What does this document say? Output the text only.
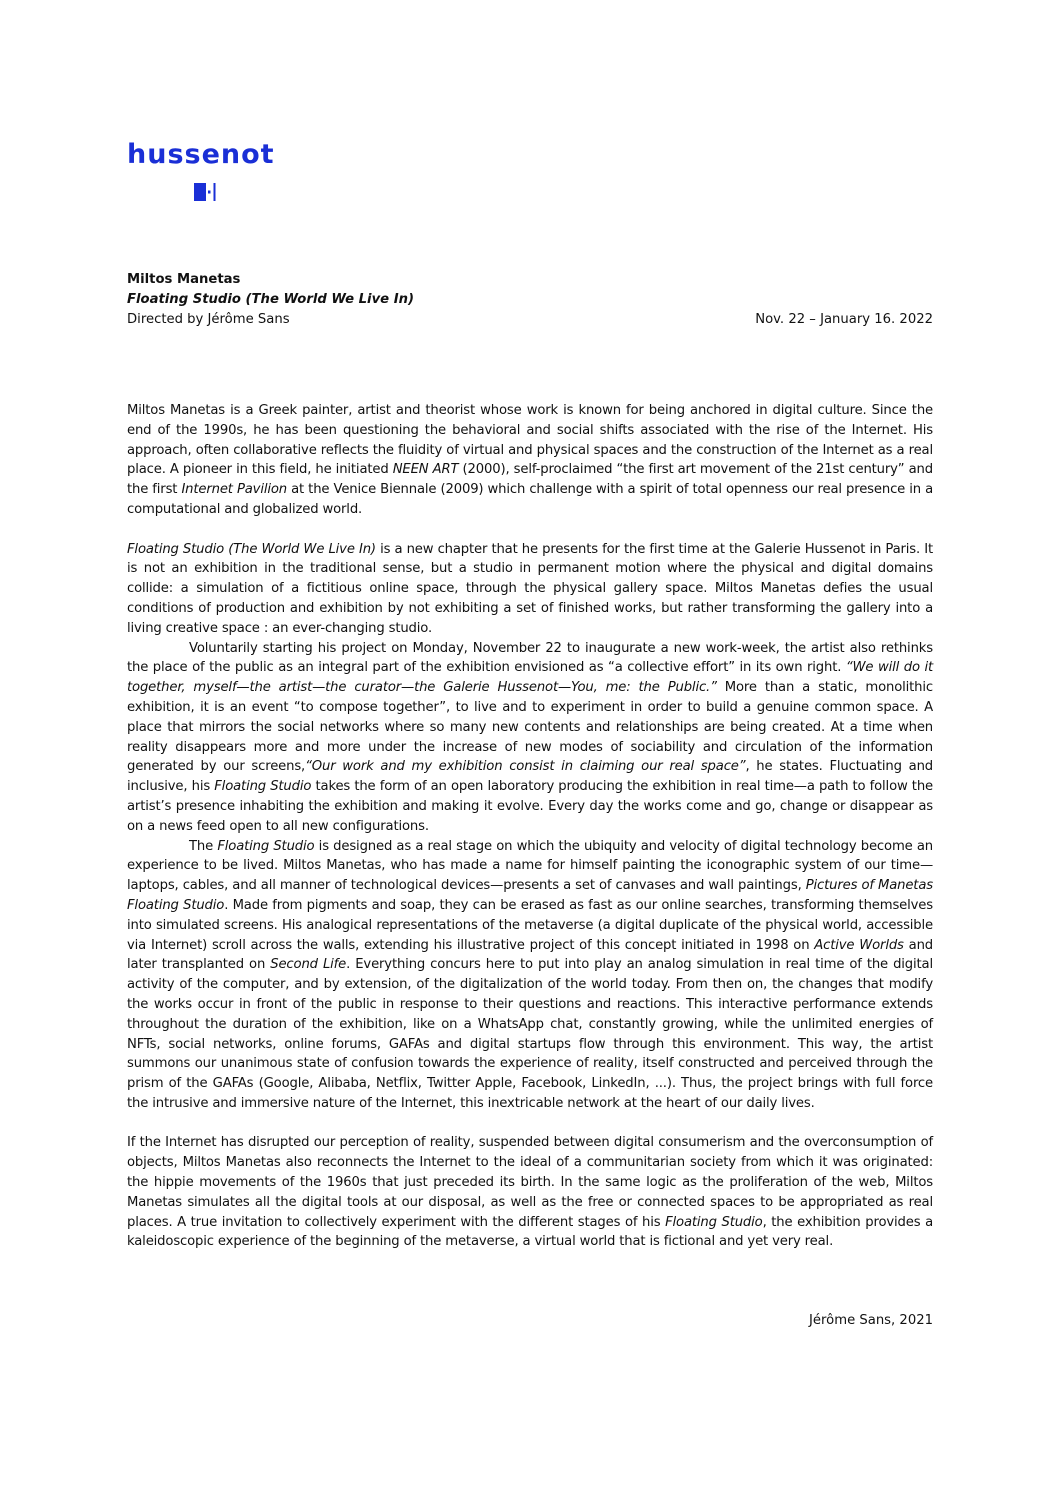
hussenot
Miltos Manetas
Floating Studio (The World We Live In)
Directed by Jérôme Sans	Nov. 22 – January 16. 2022

Miltos Manetas is a Greek painter, artist and theorist whose work is known for being anchored in digital culture. Since the end of the 1990s, he has been questioning the behavioral and social shifts associated with the rise of the Internet. His approach, often collaborative reflects the fluidity of virtual and physical spaces and the construction of the Internet as a real place. A pioneer in this field, he initiated NEEN ART (2000), self-proclaimed “the first art movement of the 21st century” and the first Internet Pavilion at the Venice Biennale (2009) which challenge with a spirit of total openness our real presence in a computational and globalized world.

Floating Studio (The World We Live In) is a new chapter that he presents for the first time at the Galerie Hussenot in Paris. It is not an exhibition in the traditional sense, but a studio in permanent motion where the physical and digital domains collide: a simulation of a fictitious online space, through the physical gallery space. Miltos Manetas defies the usual conditions of production and exhibition by not exhibiting a set of finished works, but rather transforming the gallery into a living creative space : an ever-changing studio.

Voluntarily starting his project on Monday, November 22 to inaugurate a new work-week, the artist also rethinks the place of the public as an integral part of the exhibition envisioned as “a collective effort” in its own right. “We will do it together, myself—the artist—the curator—the Galerie Hussenot—You, me: the Public.” More than a static, monolithic exhibition, it is an event “to compose together”, to live and to experiment in order to build a genuine common space. A place that mirrors the social networks where so many new contents and relationships are being created. At a time when reality disappears more and more under the increase of new modes of sociability and circulation of the information generated by our screens,“Our work and my exhibition consist in claiming our real space”, he states. Fluctuating and inclusive, his Floating Studio takes the form of an open laboratory producing the exhibition in real time—a path to follow the artist’s presence inhabiting the exhibition and making it evolve. Every day the works come and go, change or disappear as on a news feed open to all new configurations.

The Floating Studio is designed as a real stage on which the ubiquity and velocity of digital technology become an experience to be lived. Miltos Manetas, who has made a name for himself painting the iconographic system of our time—laptops, cables, and all manner of technological devices—presents a set of canvases and wall paintings, Pictures of Manetas Floating Studio. Made from pigments and soap, they can be erased as fast as our online searches, transforming themselves into simulated screens. His analogical representations of the metaverse (a digital duplicate of the physical world, accessible via Internet) scroll across the walls, extending his illustrative project of this concept initiated in 1998 on Active Worlds and later transplanted on Second Life. Everything concurs here to put into play an analog simulation in real time of the digital activity of the computer, and by extension, of the digitalization of the world today. From then on, the changes that modify the works occur in front of the public in response to their questions and reactions. This interactive performance extends throughout the duration of the exhibition, like on a WhatsApp chat, constantly growing, while the unlimited energies of NFTs, social networks, online forums, GAFAs and digital startups flow through this environment. This way, the artist summons our unanimous state of confusion towards the experience of reality, itself constructed and perceived through the prism of the GAFAs (Google, Alibaba, Netflix, Twitter Apple, Facebook, LinkedIn, ...). Thus, the project brings with full force the intrusive and immersive nature of the Internet, this inextricable network at the heart of our daily lives.

If the Internet has disrupted our perception of reality, suspended between digital consumerism and the overconsumption of objects, Miltos Manetas also reconnects the Internet to the ideal of a communitarian society from which it was originated: the hippie movements of the 1960s that just preceded its birth. In the same logic as the proliferation of the web, Miltos Manetas simulates all the digital tools at our disposal, as well as the free or connected spaces to be appropriated as real places. A true invitation to collectively experiment with the different stages of his Floating Studio, the exhibition provides a kaleidoscopic experience of the beginning of the metaverse, a virtual world that is fictional and yet very real.

Jérôme Sans, 2021
